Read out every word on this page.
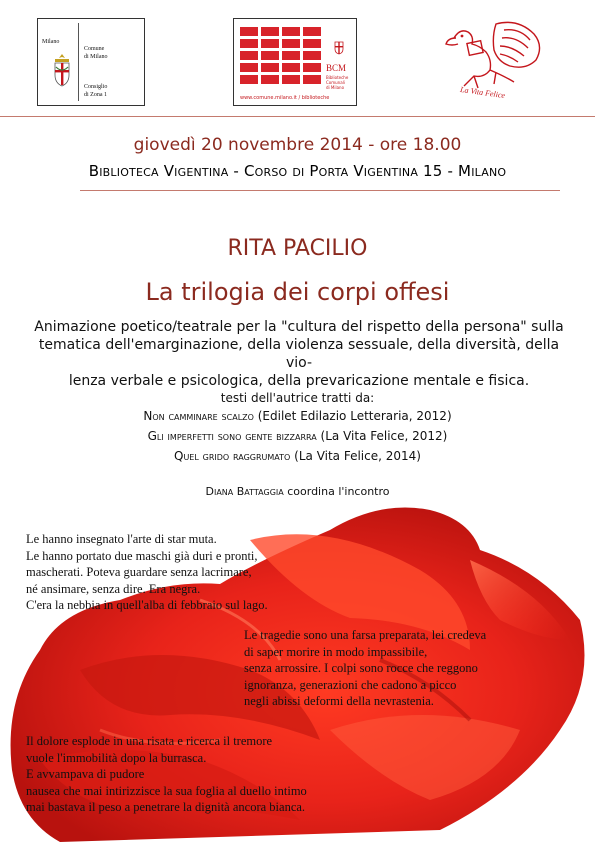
Milano
Comune
di Milano
Consiglio
di Zona 1
BCM
Biblioteche
Comunali
di Milano
www.comune.milano.it / biblioteche	La Vita Felice
giovedì 20 novembre 2014 - ore 18.00
Biblioteca Vigentina - Corso di Porta Vigentina 15 - Milano
RITA PACILIO
La trilogia dei corpi offesi
Animazione poetico/teatrale per la "cultura del rispetto della persona" sulla
tematica dell'emarginazione, della violenza sessuale, della diversità, della vio-
lenza verbale e psicologica, della prevaricazione mentale e fisica.
testi dell'autrice tratti da:
Non camminare scalzo (Edilet Edilazio Letteraria, 2012)
Gli imperfetti sono gente bizzarra (La Vita Felice, 2012)
Quel grido raggrumato (La Vita Felice, 2014)
Diana Battaggia coordina l'incontro
Le hanno insegnato l'arte di star muta.
Le hanno portato due maschi già duri e pronti,
mascherati. Poteva guardare senza lacrimare,
né ansimare, senza dire. Era negra.
C'era la nebbia in quell'alba di febbraio sul lago.
Le tragedie sono una farsa preparata, lei credeva
di saper morire in modo impassibile,
senza arrossire. I colpi sono rocce che reggono
ignoranza, generazioni che cadono a picco
negli abissi deformi della nevrastenia.
Il dolore esplode in una risata e ricerca il tremore
vuole l'immobilità dopo la burrasca.
E avvampava di pudore
nausea che mai intirizzisce la sua foglia al duello intimo
mai bastava il peso a penetrare la dignità ancora bianca.
